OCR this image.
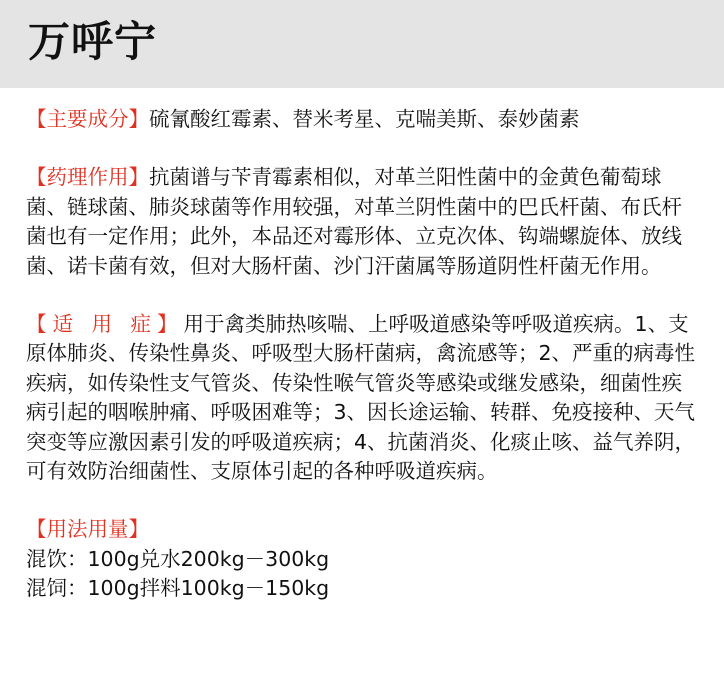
万呼宁

【主要成分】硫氰酸红霉素、替米考星、克喘美斯、泰妙菌素

【药理作用】抗菌谱与苄青霉素相似，对革兰阳性菌中的金黄色葡萄球菌、链球菌、肺炎球菌等作用较强，对革兰阴性菌中的巴氏杆菌、布氏杆菌也有一定作用；此外，本品还对霉形体、立克次体、钩端螺旋体、放线菌、诺卡菌有效，但对大肠杆菌、沙门汗菌属等肠道阴性杆菌无作用。

【适 用 症】用于禽类肺热咳喘、上呼吸道感染等呼吸道疾病。1、支原体肺炎、传染性鼻炎、呼吸型大肠杆菌病，禽流感等；2、严重的病毒性疾病，如传染性支气管炎、传染性喉气管炎等感染或继发感染，细菌性疾病引起的咽喉肿痛、呼吸困难等；3、因长途运输、转群、免疫接种、天气突变等应激因素引发的呼吸道疾病；4、抗菌消炎、化痰止咳、益气养阴，可有效防治细菌性、支原体引起的各种呼吸道疾病。

【用法用量】

混饮：100g兑水200kg－300kg

混饲：100g拌料100kg－150kg
